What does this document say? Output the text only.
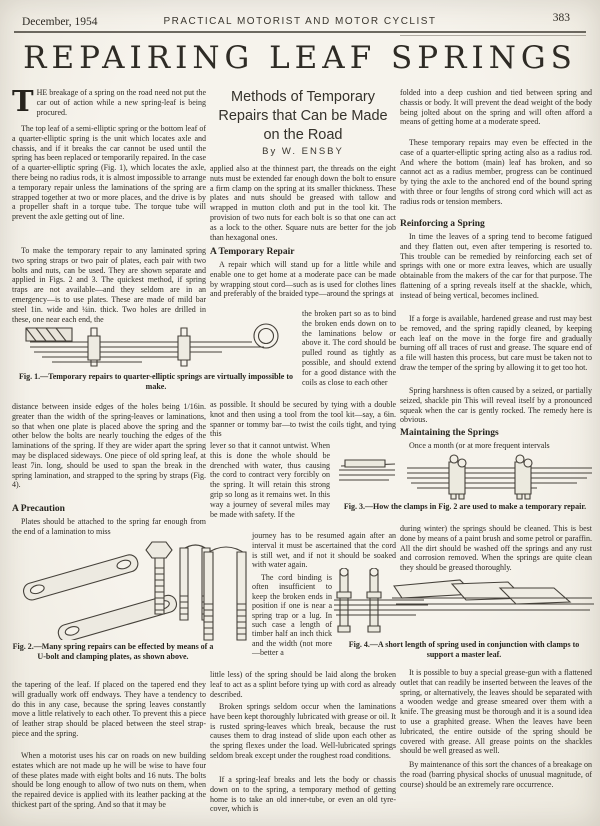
December, 1954	PRACTICAL MOTORIST AND MOTOR CYCLIST	383
REPAIRING LEAF SPRINGS
Methods of Temporary Repairs that Can be Made on the Road
By W. ENSBY

THE breakage of a spring on the road need not put the car out of action while a new spring-leaf is being procured.

The top leaf of a semi-elliptic spring or the bottom leaf of a quarter-elliptic spring is the unit which locates axle and chassis, and if it breaks the car cannot be used until the spring has been replaced or temporarily repaired. In the case of a quarter-elliptic spring (Fig. 1), which locates the axle, there being no radius rods, it is almost impossible to arrange a temporary repair unless the laminations of the spring are strapped together at two or more places, and the drive is by a propeller shaft in a torque tube. The torque tube will prevent the axle getting out of line.

To make the temporary repair to any laminated spring two spring straps or two pair of plates, each pair with two bolts and nuts, can be used. They are shown separate and applied in Figs. 2 and 3. The quickest method, if spring traps are not available—and they seldom are in an emergency—is to use plates. These are made of mild bar steel 1in. wide and ¼in. thick. Two holes are drilled in these, one near each end, the

distance between inside edges of the holes being 1/16in. greater than the width of the spring-leaves or laminations, so that when one plate is placed above the spring and the other below the bolts are nearly touching the edges of the laminations of the spring. If they are wider apart the spring may be displaced sideways. One piece of old spring leaf, at least 7in. long, should be used to span the break in the spring lamination, and strapped to the spring by straps (Fig. 4).

A Precaution

Plates should be attached to the spring far enough from the end of a lamination to miss

the tapering of the leaf. If placed on the tapered end they will gradually work off endways. They have a tendency to do this in any case, because the spring leaves constantly move a little relatively to each other. To prevent this a piece of leather strap should be placed between the steel strap-piece and the spring.

When a motorist uses his car on roads on new building estates which are not made up he will be wise to have four of these plates made with eight bolts and 16 nuts. The bolts should be long enough to allow of two nuts on them, when the repaired device is applied with its leather packing at the thickest part of the spring. And so that it may be

Fig. 1.—Temporary repairs to quarter-elliptic springs are virtually impossible to make.

Fig. 2.—Many spring repairs can be effected by means of a U-bolt and clamping plates, as shown above.

applied also at the thinnest part, the threads on the eight nuts must be extended far enough down the bolt to ensure a firm clamp on the spring at its smaller thickness. These plates and nuts should be greased with tallow and wrapped in mutton cloth and put in the tool kit. The provision of two nuts for each bolt is so that one can act as a lock to the other. Square nuts are better for the job than hexagonal ones.

A Temporary Repair

A repair which will stand up for a little while and enable one to get home at a moderate pace can be made by wrapping stout cord—such as is used for clothes lines and preferably of the braided type—around the springs at

the broken part so as to bind the broken ends down on to the laminations below or above it. The cord should be pulled round as tightly as possible, and should extend for a good distance with the coils as close to each other

as possible. It should be secured by tying with a double knot and then using a tool from the tool kit—say, a 6in. spanner or tommy bar—to twist the coils tight, and tying this

lever so that it cannot untwist. When this is done the whole should be drenched with water, thus causing the cord to contract very forcibly on the spring. It will retain this strong grip so long as it remains wet. In this way a journey of several miles may be made with safety. If the

journey has to be resumed again after an interval it must be ascertained that the cord is still wet, and if not it should be soaked with water again.

The cord binding is often insufficient to keep the broken ends in position if one is near a spring trap or a lug. In such case a length of timber half an inch thick and the width (not more—better a

little less) of the spring should be laid along the broken leaf to act as a splint before tying up with cord as already described.

Broken springs seldom occur when the laminations have been kept thoroughly lubricated with grease or oil. It is rusted spring-leaves which break, because the rust causes them to drag instead of slide upon each other as the spring flexes under the load. Well-lubricated springs seldom break except under the roughest road conditions.

If a spring-leaf breaks and lets the body or chassis down on to the spring, a temporary method of getting home is to take an old inner-tube, or even an old tyre-cover, which is

Fig. 3.—How the clamps in Fig. 2 are used to make a temporary repair.

Fig. 4.—A short length of spring used in conjunction with clamps to support a master leaf.

folded into a deep cushion and tied between spring and chassis or body. It will prevent the dead weight of the body being jolted about on the spring and will often afford a means of getting home at a moderate speed.

These temporary repairs may even be effected in the case of a quarter-elliptic spring acting also as a radius rod. And where the bottom (main) leaf has broken, and so cannot act as a radius member, progress can be continued by tying the axle to the anchored end of the bound spring with three or four lengths of strong cord which will act as radius rods or tension members.

Reinforcing a Spring

In time the leaves of a spring tend to become fatigued and they flatten out, even after tempering is resorted to. This trouble can be remedied by reinforcing each set of springs with one or more extra leaves, which are usually obtainable from the makers of the car for that purpose. The flattening of a spring reveals itself at the shackle, which, instead of being vertical, becomes inclined.

If a forge is available, hardened grease and rust may best be removed, and the spring rapidly cleaned, by keeping each leaf on the move in the forge fire and gradually burning off all traces of rust and grease. The square end of a file will hasten this process, but care must be taken not to draw the temper of the spring by allowing it to get too hot.

Spring harshness is often caused by a seized, or partially seized, shackle pin This will reveal itself by a pronounced squeak when the car is gently rocked. The remedy here is obvious.

Maintaining the Springs

Once a month (or at more frequent intervals

during winter) the springs should be cleaned. This is best done by means of a paint brush and some petrol or paraffin. All the dirt should be washed off the springs and any rust and corrosion removed. When the springs are quite clean they should be greased thoroughly.

It is possible to buy a special grease-gun with a flattened outlet that can readily be inserted between the leaves of the spring, or alternatively, the leaves should be separated with a wooden wedge and grease smeared over them with a knife. The greasing must be thorough and it is a sound idea to use a graphited grease. When the leaves have been lubricated, the entire outside of the spring should be covered with grease. All grease points on the shackles should be well greased as well.

By maintenance of this sort the chances of a breakage on the road (barring physical shocks of unusual magnitude, of course) should be an extremely rare occurrence.
